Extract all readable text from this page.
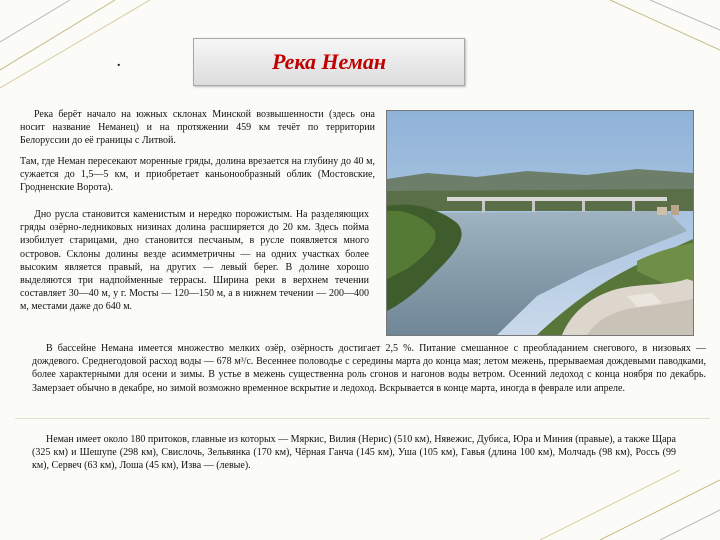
.	Река Неман

Река берёт начало на южных склонах Минской возвышенности (здесь она носит название Неманец) и на протяжении 459 км течёт по территории Белоруссии до её границы с Литвой.

Там, где Неман пересекают моренные гряды, долина врезается на глубину до 40 м, сужается до 1,5—5 км, и приобретает каньонообразный облик (Мостовские, Гродненские Ворота).

Дно русла становится каменистым и нередко порожистым. На разделяющих гряды озёрно-ледниковых низинах долина расширяется до 20 км. Здесь пойма изобилует старицами, дно становится песчаным, в русле появляется много островов. Склоны долины везде асимметричны — на одних участках более высоким является правый, на других — левый берег. В долине хорошо выделяются три надпойменные террасы. Ширина реки в верхнем течении составляет 30—40 м, у г. Мосты — 120—150 м, а в нижнем течении — 200—400 м, местами даже до 640 м.

В бассейне Немана имеется множество мелких озёр, озёрность достигает 2,5 %. Питание смешанное с преобладанием снегового, в низовьях — дождевого. Среднегодовой расход воды — 678 м³/с. Весеннее половодье с середины марта до конца мая; летом межень, прерываемая дождевыми паводками, более характерными для осени и зимы. В устье в межень существенна роль сгонов и нагонов воды ветром. Осенний ледоход с конца ноября по декабрь. Замерзает обычно в декабре, но зимой возможно временное вскрытие и ледоход. Вскрывается в конце марта, иногда в феврале или апреле.

Неман имеет около 180 притоков, главные из которых — Мяркис, Вилия (Нерис) (510 км), Нявежис, Дубиса, Юра и Миния (правые), а также Щара (325 км) и Шешупе (298 км), Свислочь, Зельвянка (170 км), Чёрная Ганча (145 км), Уша (105 км), Гавья (длина 100 км), Молчадь (98 км), Россь (99 км), Сервеч (63 км), Лоша (45 км), Изва — (левые).
